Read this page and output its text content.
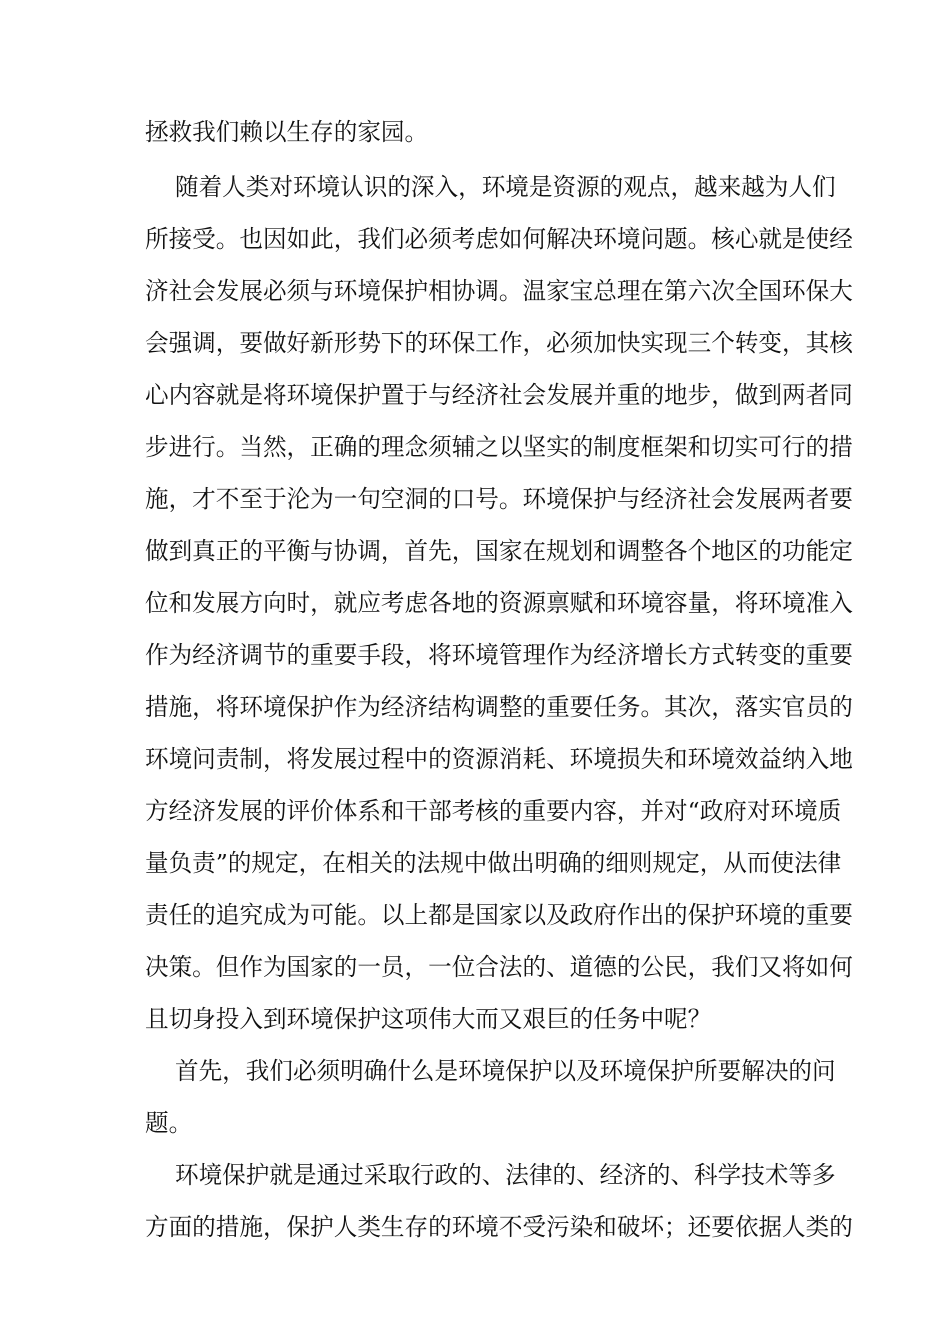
拯救我们赖以生存的家园。
随着人类对环境认识的深入，环境是资源的观点，越来越为人们
所接受。也因如此，我们必须考虑如何解决环境问题。核心就是使经
济社会发展必须与环境保护相协调。温家宝总理在第六次全国环保大
会强调，要做好新形势下的环保工作，必须加快实现三个转变，其核
心内容就是将环境保护置于与经济社会发展并重的地步，做到两者同
步进行。当然，正确的理念须辅之以坚实的制度框架和切实可行的措
施，才不至于沦为一句空洞的口号。环境保护与经济社会发展两者要
做到真正的平衡与协调，首先，国家在规划和调整各个地区的功能定
位和发展方向时，就应考虑各地的资源禀赋和环境容量，将环境准入
作为经济调节的重要手段，将环境管理作为经济增长方式转变的重要
措施，将环境保护作为经济结构调整的重要任务。其次，落实官员的
环境问责制，将发展过程中的资源消耗、环境损失和环境效益纳入地
方经济发展的评价体系和干部考核的重要内容，并对“政府对环境质
量负责”的规定，在相关的法规中做出明确的细则规定，从而使法律
责任的追究成为可能。以上都是国家以及政府作出的保护环境的重要
决策。但作为国家的一员，一位合法的、道德的公民，我们又将如何
且切身投入到环境保护这项伟大而又艰巨的任务中呢？
首先，我们必须明确什么是环境保护以及环境保护所要解决的问
题。
环境保护就是通过采取行政的、法律的、经济的、科学技术等多
方面的措施，保护人类生存的环境不受污染和破坏；还要依据人类的
